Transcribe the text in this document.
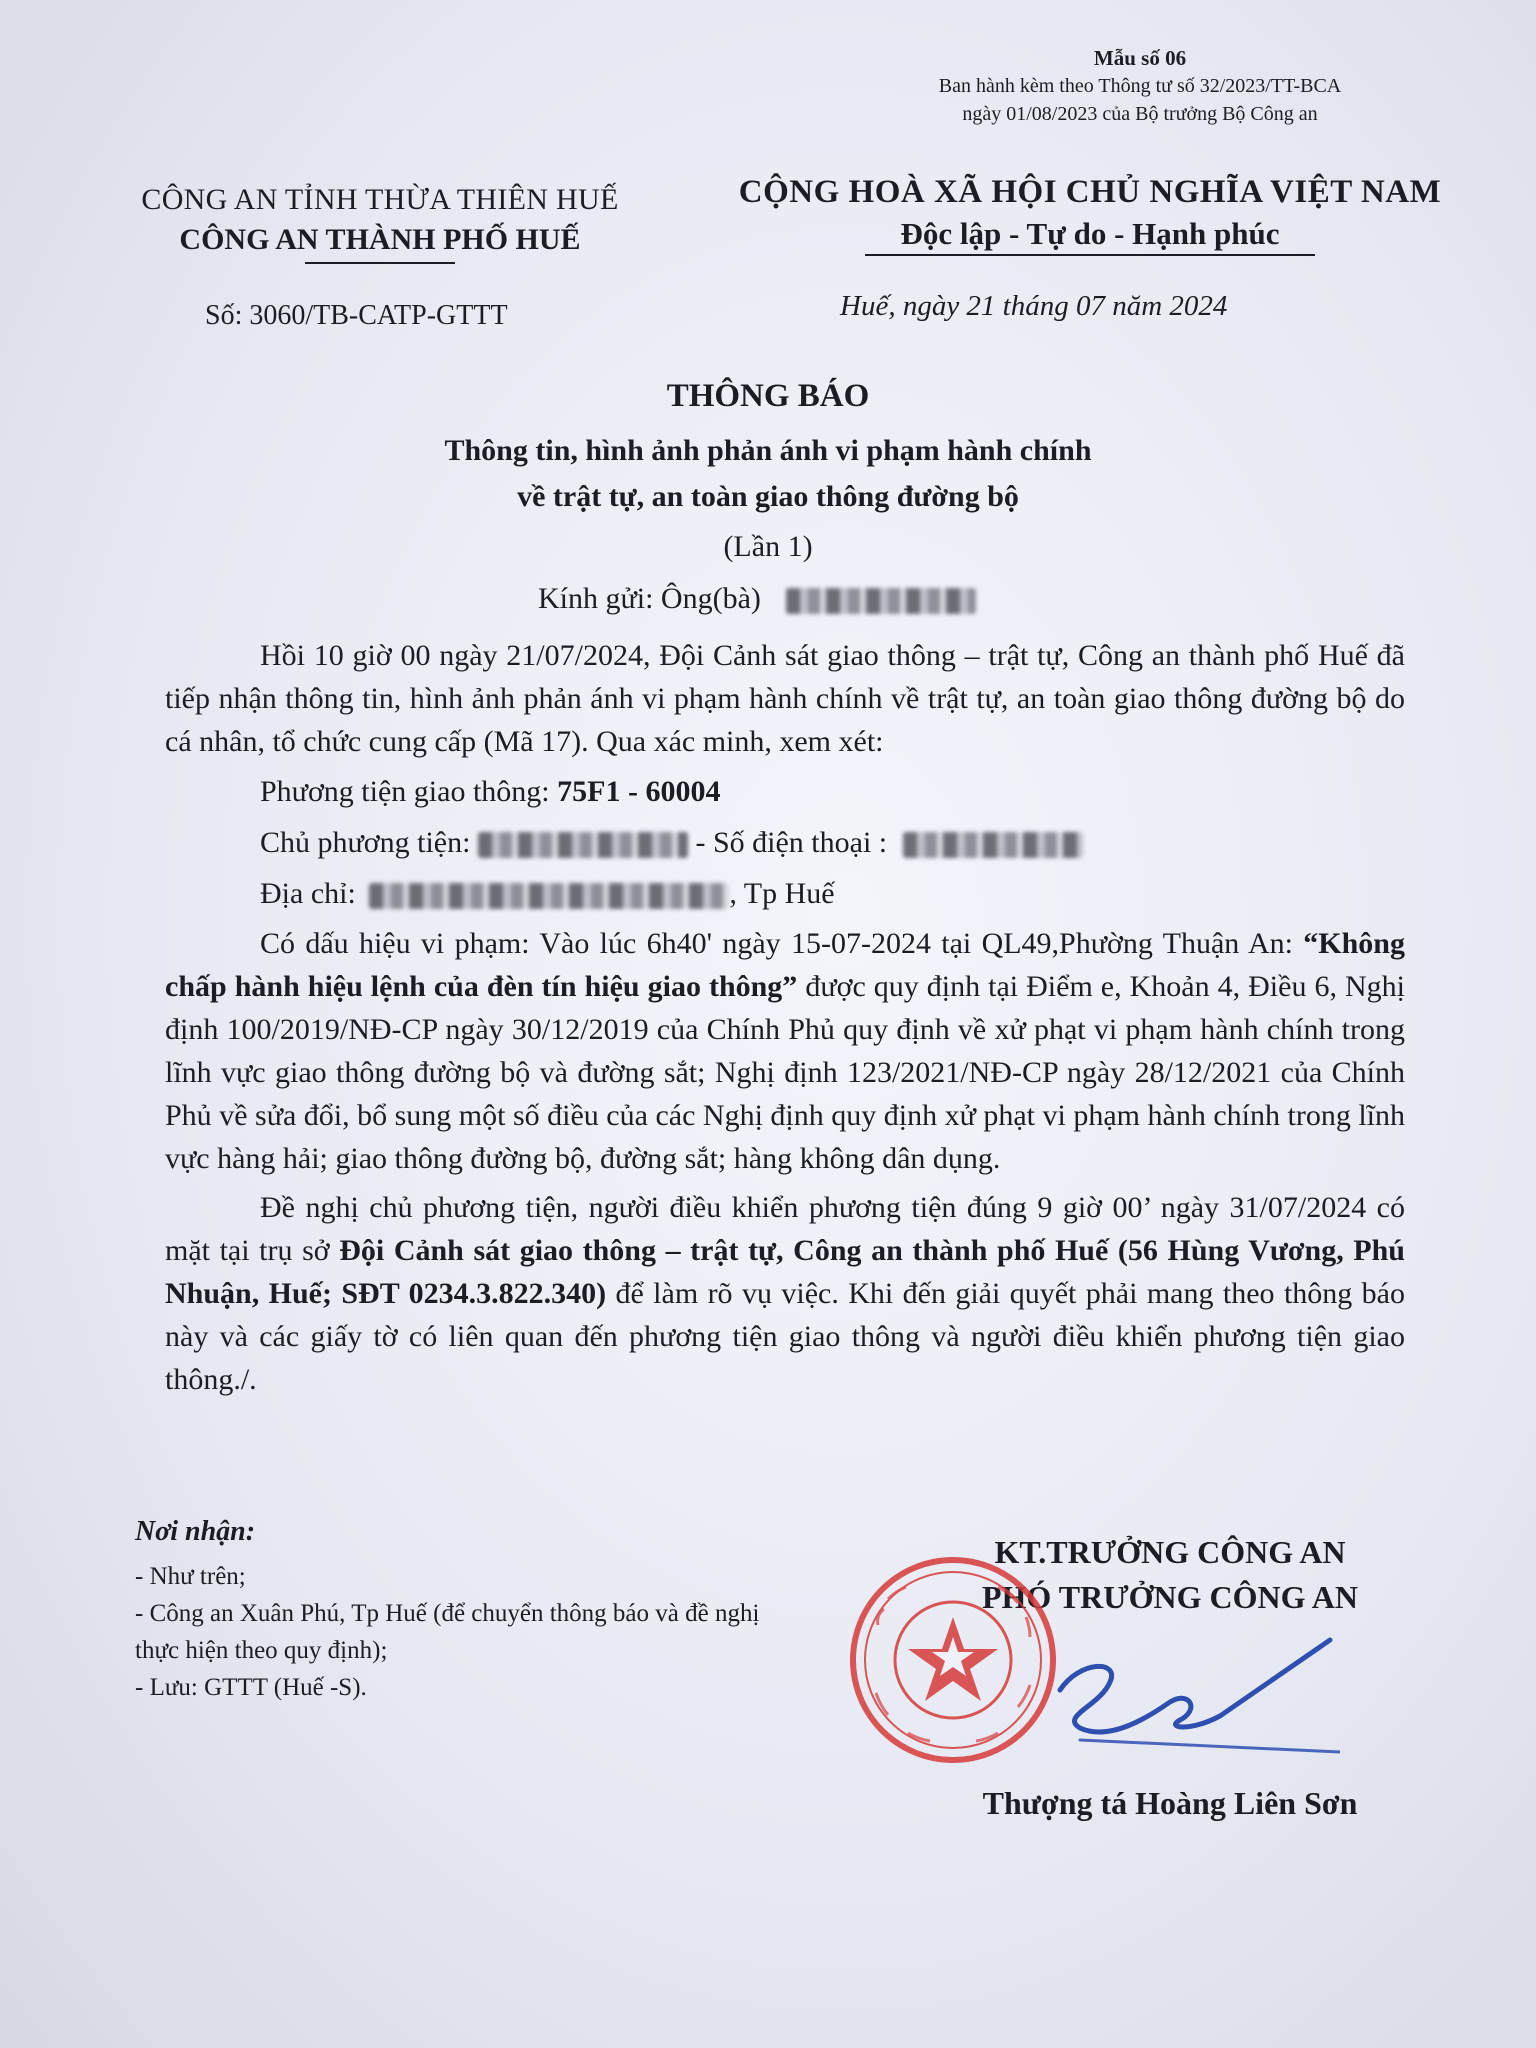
Mẫu số 06
Ban hành kèm theo Thông tư số 32/2023/TT-BCA
ngày 01/08/2023 của Bộ trưởng Bộ Công an
CÔNG AN TỈNH THỪA THIÊN HUẾ
CÔNG AN THÀNH PHỐ HUẾ
CỘNG HOÀ XÃ HỘI CHỦ NGHĨA VIỆT NAM
Độc lập - Tự do - Hạnh phúc
Số: 3060/TB-CATP-GTTT	Huế, ngày 21 tháng 07 năm 2024
THÔNG BÁO
Thông tin, hình ảnh phản ánh vi phạm hành chính
về trật tự, an toàn giao thông đường bộ
(Lần 1)
Kính gửi: Ông(bà)

Hồi 10 giờ 00 ngày 21/07/2024, Đội Cảnh sát giao thông – trật tự, Công an thành phố Huế đã tiếp nhận thông tin, hình ảnh phản ánh vi phạm hành chính về trật tự, an toàn giao thông đường bộ do cá nhân, tổ chức cung cấp (Mã 17). Qua xác minh, xem xét:

Phương tiện giao thông: 75F1 - 60004

Chủ phương tiện:	- Số điện thoại :

Địa chỉ:	, Tp Huế

Có dấu hiệu vi phạm: Vào lúc 6h40' ngày 15-07-2024 tại QL49,Phường Thuận An: “Không chấp hành hiệu lệnh của đèn tín hiệu giao thông” được quy định tại Điểm e, Khoản 4, Điều 6, Nghị định 100/2019/NĐ-CP ngày 30/12/2019 của Chính Phủ quy định về xử phạt vi phạm hành chính trong lĩnh vực giao thông đường bộ và đường sắt; Nghị định 123/2021/NĐ-CP ngày 28/12/2021 của Chính Phủ về sửa đổi, bổ sung một số điều của các Nghị định quy định xử phạt vi phạm hành chính trong lĩnh vực hàng hải; giao thông đường bộ, đường sắt; hàng không dân dụng.

Đề nghị chủ phương tiện, người điều khiển phương tiện đúng 9 giờ 00’ ngày 31/07/2024 có mặt tại trụ sở Đội Cảnh sát giao thông – trật tự, Công an thành phố Huế (56 Hùng Vương, Phú Nhuận, Huế; SĐT 0234.3.822.340) để làm rõ vụ việc. Khi đến giải quyết phải mang theo thông báo này và các giấy tờ có liên quan đến phương tiện giao thông và người điều khiển phương tiện giao thông./.

Nơi nhận:
- Như trên;
- Công an Xuân Phú, Tp Huế (để chuyển thông báo và đề nghị thực hiện theo quy định);
- Lưu: GTTT (Huế -S).
KT.TRƯỞNG CÔNG AN
PHÓ TRƯỞNG CÔNG AN
Thượng tá Hoàng Liên Sơn
